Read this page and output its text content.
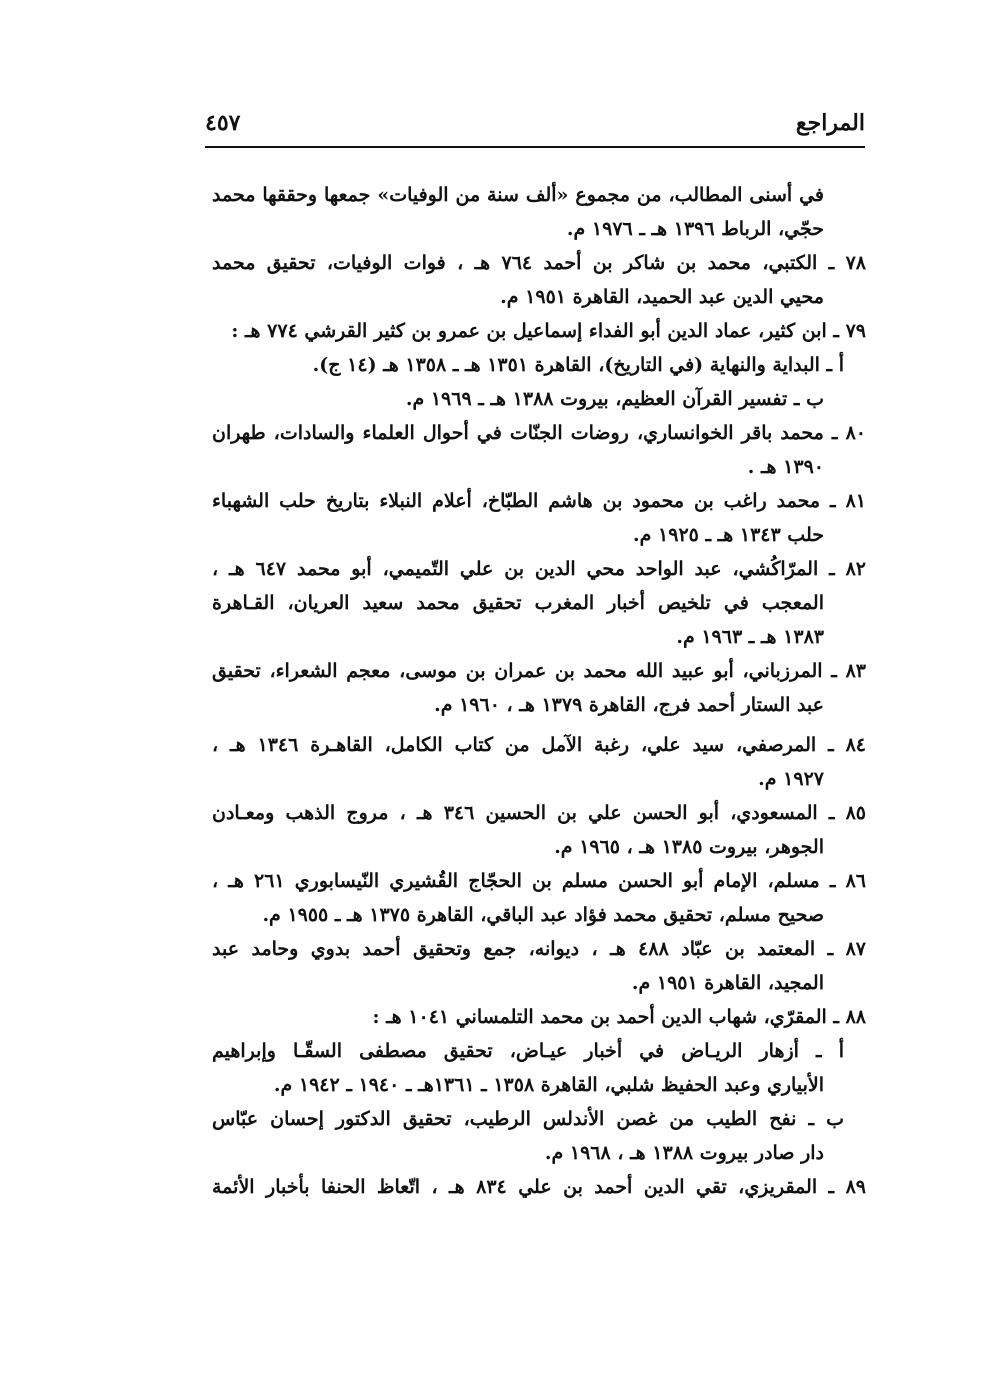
المراجع
٤٥٧
في أسنى المطالب، من مجموع «ألف سنة من الوفيات» جمعها وحققها محمد
حجّي، الرباط ١٣٩٦ هـ ـ ١٩٧٦ م.
٧٨ ـ الكتبي، محمد بن شاكر بن أحمد ٧٦٤ هـ ، فوات الوفيات، تحقيق محمد
محيي الدين عبد الحميد، القاهرة ١٩٥١ م.
٧٩ ـ ابن كثير، عماد الدين أبو الفداء إسماعيل بن عمرو بن كثير القرشي ٧٧٤ هـ :
أ ـ البداية والنهاية (في التاريخ)، القاهرة ١٣٥١ هـ ـ ١٣٥٨ هـ (١٤ ج).
ب ـ تفسير القرآن العظيم، بيروت ١٣٨٨ هـ ـ ١٩٦٩ م.
٨٠ ـ محمد باقر الخوانساري، روضات الجنّات في أحوال العلماء والسادات، طهران
١٣٩٠ هـ .
٨١ ـ محمد راغب بن محمود بن هاشم الطبّاخ، أعلام النبلاء بتاريخ حلب الشهباء
حلب ١٣٤٣ هـ ـ ١٩٢٥ م.
٨٢ ـ المرّاكُشي، عبد الواحد محي الدين بن علي التّميمي، أبو محمد ٦٤٧ هـ ،
المعجب في تلخيص أخبار المغرب تحقيق محمد سعيد العريان، القـاهرة
١٣٨٣ هـ ـ ١٩٦٣ م.
٨٣ ـ المرزباني، أبو عبيد الله محمد بن عمران بن موسى، معجم الشعراء، تحقيق
عبد الستار أحمد فرج، القاهرة ١٣٧٩ هـ ، ١٩٦٠ م.
٨٤ ـ المرصفي، سيد علي، رغبة الآمل من كتاب الكامل، القاهـرة ١٣٤٦ هـ ،
١٩٢٧ م.
٨٥ ـ المسعودي، أبو الحسن علي بن الحسين ٣٤٦ هـ ، مروج الذهب ومعـادن
الجوهر، بيروت ١٣٨٥ هـ ، ١٩٦٥ م.
٨٦ ـ مسلم، الإمام أبو الحسن مسلم بن الحجّاج القُشيري النّيسابوري ٢٦١ هـ ،
صحيح مسلم، تحقيق محمد فؤاد عبد الباقي، القاهرة ١٣٧٥ هـ ـ ١٩٥٥ م.
٨٧ ـ المعتمد بن عبّاد ٤٨٨ هـ ، ديوانه، جمع وتحقيق أحمد بدوي وحامد عبد
المجيد، القاهرة ١٩٥١ م.
٨٨ ـ المقرّي، شهاب الدين أحمد بن محمد التلمساني ١٠٤١ هـ :
أ ـ أزهار الريـاض في أخبار عيـاض، تحقيق مصطفى السقّـا وإبراهيم
الأبياري وعبد الحفيظ شلبي، القاهرة ١٣٥٨ ـ ١٣٦١هـ ـ ١٩٤٠ ـ ١٩٤٢ م.
ب ـ نفح الطيب من غصن الأندلس الرطيب، تحقيق الدكتور إحسان عبّاس
دار صادر بيروت ١٣٨٨ هـ ، ١٩٦٨ م.
٨٩ ـ المقريزي، تقي الدين أحمد بن علي ٨٣٤ هـ ، اتّعاظ الحنفا بأخبار الأئمة
